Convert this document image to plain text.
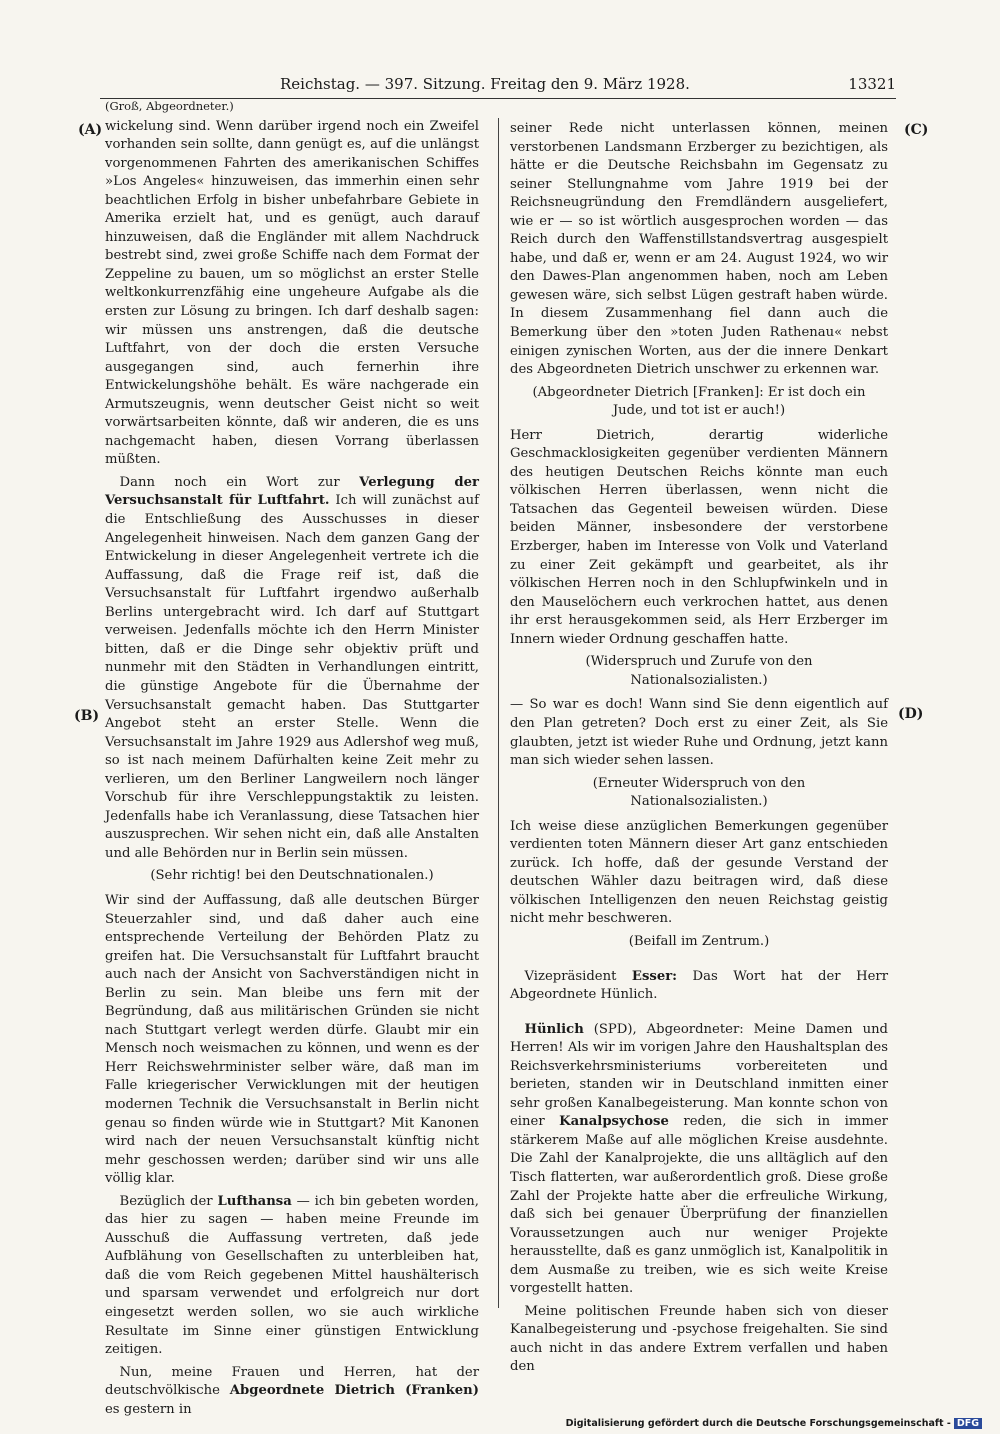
Reichstag. — 397. Sitzung. Freitag den 9. März 1928.	13321
(A)
(B)
(C)
(D)

(Groß, Abgeordneter.)

wickelung sind. Wenn darüber irgend noch ein Zweifel vorhanden sein sollte, dann genügt es, auf die unlängst vorgenommenen Fahrten des amerikanischen Schiffes »Los Angeles« hinzuweisen, das immerhin einen sehr beachtlichen Erfolg in bisher unbefahrbare Gebiete in Amerika erzielt hat, und es genügt, auch darauf hinzuweisen, daß die Engländer mit allem Nachdruck bestrebt sind, zwei große Schiffe nach dem Format der Zeppeline zu bauen, um so möglichst an erster Stelle weltkonkurrenzfähig eine ungeheure Aufgabe als die ersten zur Lösung zu bringen. Ich darf deshalb sagen: wir müssen uns anstrengen, daß die deutsche Luftfahrt, von der doch die ersten Versuche ausgegangen sind, auch fernerhin ihre Entwickelungshöhe behält. Es wäre nachgerade ein Armutszeugnis, wenn deutscher Geist nicht so weit vorwärtsarbeiten könnte, daß wir anderen, die es uns nachgemacht haben, diesen Vorrang überlassen müßten.

Dann noch ein Wort zur Verlegung der Versuchsanstalt für Luftfahrt. Ich will zunächst auf die Entschließung des Ausschusses in dieser Angelegenheit hinweisen. Nach dem ganzen Gang der Entwickelung in dieser Angelegenheit vertrete ich die Auffassung, daß die Frage reif ist, daß die Versuchsanstalt für Luftfahrt irgendwo außerhalb Berlins untergebracht wird. Ich darf auf Stuttgart verweisen. Jedenfalls möchte ich den Herrn Minister bitten, daß er die Dinge sehr objektiv prüft und nunmehr mit den Städten in Verhandlungen eintritt, die günstige Angebote für die Übernahme der Versuchsanstalt gemacht haben. Das Stuttgarter Angebot steht an erster Stelle. Wenn die Versuchsanstalt im Jahre 1929 aus Adlershof weg muß, so ist nach meinem Dafürhalten keine Zeit mehr zu verlieren, um den Berliner Langweilern noch länger Vorschub für ihre Verschleppungstaktik zu leisten. Jedenfalls habe ich Veranlassung, diese Tatsachen hier auszusprechen. Wir sehen nicht ein, daß alle Anstalten und alle Behörden nur in Berlin sein müssen.

(Sehr richtig! bei den Deutschnationalen.)

Wir sind der Auffassung, daß alle deutschen Bürger Steuerzahler sind, und daß daher auch eine entsprechende Verteilung der Behörden Platz zu greifen hat. Die Versuchsanstalt für Luftfahrt braucht auch nach der Ansicht von Sachverständigen nicht in Berlin zu sein. Man bleibe uns fern mit der Begründung, daß aus militärischen Gründen sie nicht nach Stuttgart verlegt werden dürfe. Glaubt mir ein Mensch noch weismachen zu können, und wenn es der Herr Reichswehrminister selber wäre, daß man im Falle kriegerischer Verwicklungen mit der heutigen modernen Technik die Versuchsanstalt in Berlin nicht genau so finden würde wie in Stuttgart? Mit Kanonen wird nach der neuen Versuchsanstalt künftig nicht mehr geschossen werden; darüber sind wir uns alle völlig klar.

Bezüglich der Lufthansa — ich bin gebeten worden, das hier zu sagen — haben meine Freunde im Ausschuß die Auffassung vertreten, daß jede Aufblähung von Gesellschaften zu unterbleiben hat, daß die vom Reich gegebenen Mittel haushälterisch und sparsam verwendet und erfolgreich nur dort eingesetzt werden sollen, wo sie auch wirkliche Resultate im Sinne einer günstigen Entwicklung zeitigen.

Nun, meine Frauen und Herren, hat der deutschvölkische Abgeordnete Dietrich (Franken) es gestern in

seiner Rede nicht unterlassen können, meinen verstorbenen Landsmann Erzberger zu bezichtigen, als hätte er die Deutsche Reichsbahn im Gegensatz zu seiner Stellungnahme vom Jahre 1919 bei der Reichsneugründung den Fremdländern ausgeliefert, wie er — so ist wörtlich ausgesprochen worden — das Reich durch den Waffenstillstandsvertrag ausgespielt habe, und daß er, wenn er am 24. August 1924, wo wir den Dawes-Plan angenommen haben, noch am Leben gewesen wäre, sich selbst Lügen gestraft haben würde. In diesem Zusammenhang fiel dann auch die Bemerkung über den »toten Juden Rathenau« nebst einigen zynischen Worten, aus der die innere Denkart des Abgeordneten Dietrich unschwer zu erkennen war.

(Abgeordneter Dietrich [Franken]: Er ist doch ein Jude, und tot ist er auch!)

Herr Dietrich, derartig widerliche Geschmacklosigkeiten gegenüber verdienten Männern des heutigen Deutschen Reichs könnte man euch völkischen Herren überlassen, wenn nicht die Tatsachen das Gegenteil beweisen würden. Diese beiden Männer, insbesondere der verstorbene Erzberger, haben im Interesse von Volk und Vaterland zu einer Zeit gekämpft und gearbeitet, als ihr völkischen Herren noch in den Schlupfwinkeln und in den Mauselöchern euch verkrochen hattet, aus denen ihr erst herausgekommen seid, als Herr Erzberger im Innern wieder Ordnung geschaffen hatte.

(Widerspruch und Zurufe von den Nationalsozialisten.)

— So war es doch! Wann sind Sie denn eigentlich auf den Plan getreten? Doch erst zu einer Zeit, als Sie glaubten, jetzt ist wieder Ruhe und Ordnung, jetzt kann man sich wieder sehen lassen.

(Erneuter Widerspruch von den Nationalsozialisten.)

Ich weise diese anzüglichen Bemerkungen gegenüber verdienten toten Männern dieser Art ganz entschieden zurück. Ich hoffe, daß der gesunde Verstand der deutschen Wähler dazu beitragen wird, daß diese völkischen Intelligenzen den neuen Reichstag geistig nicht mehr beschweren.

(Beifall im Zentrum.)

Vizepräsident Esser: Das Wort hat der Herr Abgeordnete Hünlich.

Hünlich (SPD), Abgeordneter: Meine Damen und Herren! Als wir im vorigen Jahre den Haushaltsplan des Reichsverkehrsministeriums vorbereiteten und berieten, standen wir in Deutschland inmitten einer sehr großen Kanalbegeisterung. Man konnte schon von einer Kanalpsychose reden, die sich in immer stärkerem Maße auf alle möglichen Kreise ausdehnte. Die Zahl der Kanalprojekte, die uns alltäglich auf den Tisch flatterten, war außerordentlich groß. Diese große Zahl der Projekte hatte aber die erfreuliche Wirkung, daß sich bei genauer Überprüfung der finanziellen Voraussetzungen auch nur weniger Projekte herausstellte, daß es ganz unmöglich ist, Kanalpolitik in dem Ausmaße zu treiben, wie es sich weite Kreise vorgestellt hatten.

Meine politischen Freunde haben sich von dieser Kanalbegeisterung und -psychose freigehalten. Sie sind auch nicht in das andere Extrem verfallen und haben den

Digitalisierung gefördert durch die Deutsche Forschungsgemeinschaft - DFG
